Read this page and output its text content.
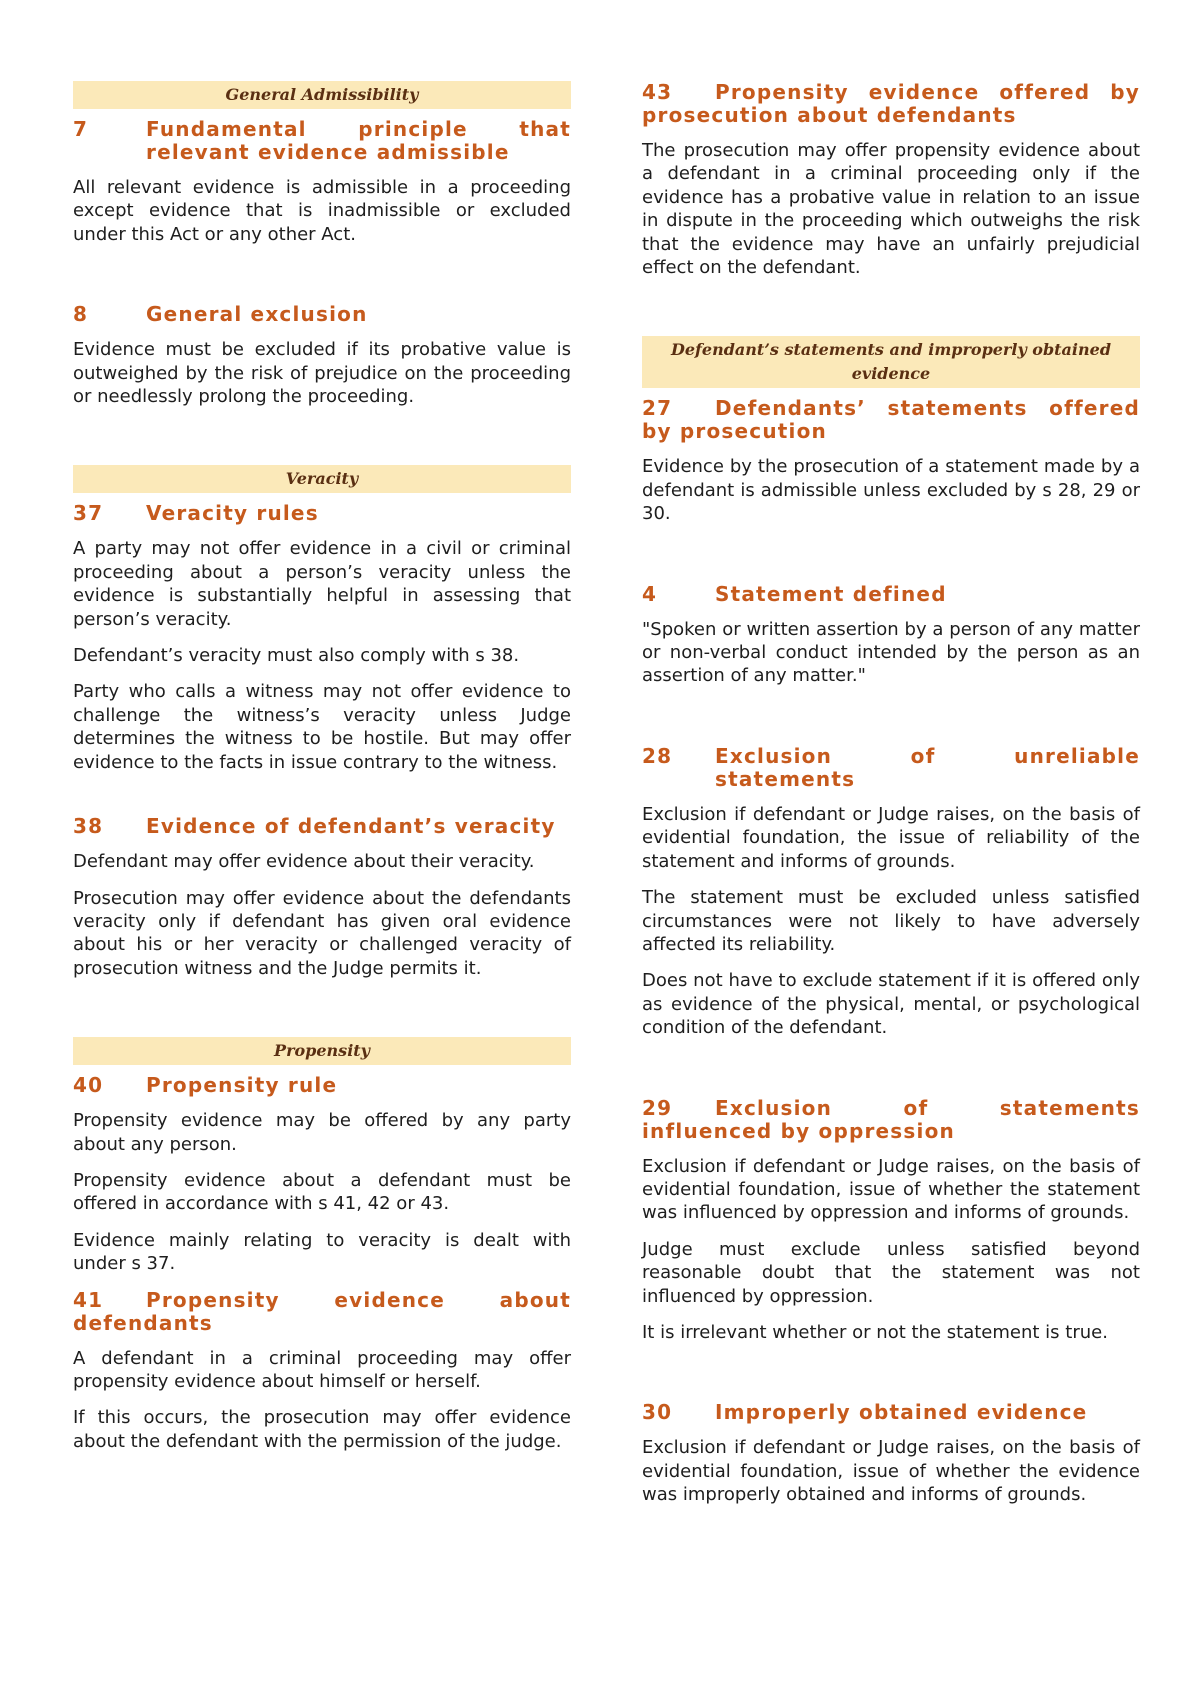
General Admissibility
7	Fundamental principle that relevant evidence admissible

All relevant evidence is admissible in a proceeding except evidence that is inadmissible or excluded under this Act or any other Act.

8	General exclusion

Evidence must be excluded if its probative value is outweighed by the risk of prejudice on the proceeding or needlessly prolong the proceeding.

Veracity
37	Veracity rules

A party may not offer evidence in a civil or criminal proceeding about a person’s veracity unless the evidence is substantially helpful in assessing that person’s veracity.

Defendant’s veracity must also comply with s 38.

Party who calls a witness may not offer evidence to challenge the witness’s veracity unless Judge determines the witness to be hostile. But may offer evidence to the facts in issue contrary to the witness.

38	Evidence of defendant’s veracity

Defendant may offer evidence about their veracity.

Prosecution may offer evidence about the defendants veracity only if defendant has given oral evidence about his or her veracity or challenged veracity of prosecution witness and the Judge permits it.

Propensity
40	Propensity rule

Propensity evidence may be offered by any party about any person.

Propensity evidence about a defendant must be offered in accordance with s 41, 42 or 43.

Evidence mainly relating to veracity is dealt with under s 37.

41 Propensity evidence about defendants

A defendant in a criminal proceeding may offer propensity evidence about himself or herself.

If this occurs, the prosecution may offer evidence about the defendant with the permission of the judge.

43 Propensity evidence offered by prosecution about defendants

The prosecution may offer propensity evidence about a defendant in a criminal proceeding only if the evidence has a probative value in relation to an issue in dispute in the proceeding which outweighs the risk that the evidence may have an unfairly prejudicial effect on the defendant.

Defendant’s statements and improperly obtained evidence
27 Defendants’ statements offered by prosecution

Evidence by the prosecution of a statement made by a defendant is admissible unless excluded by s 28, 29 or 30.

4	Statement defined

"Spoken or written assertion by a person of any matter or non-verbal conduct intended by the person as an assertion of any matter."

28	Exclusion of unreliable statements

Exclusion if defendant or Judge raises, on the basis of evidential foundation, the issue of reliability of the statement and informs of grounds.

The statement must be excluded unless satisfied circumstances were not likely to have adversely affected its reliability.

Does not have to exclude statement if it is offered only as evidence of the physical, mental, or psychological condition of the defendant.

29 Exclusion of statements influenced by oppression

Exclusion if defendant or Judge raises, on the basis of evidential foundation, issue of whether the statement was influenced by oppression and informs of grounds.

Judge must exclude unless satisfied beyond reasonable doubt that the statement was not influenced by oppression.

It is irrelevant whether or not the statement is true.

30	Improperly obtained evidence

Exclusion if defendant or Judge raises, on the basis of evidential foundation, issue of whether the evidence was improperly obtained and informs of grounds.
